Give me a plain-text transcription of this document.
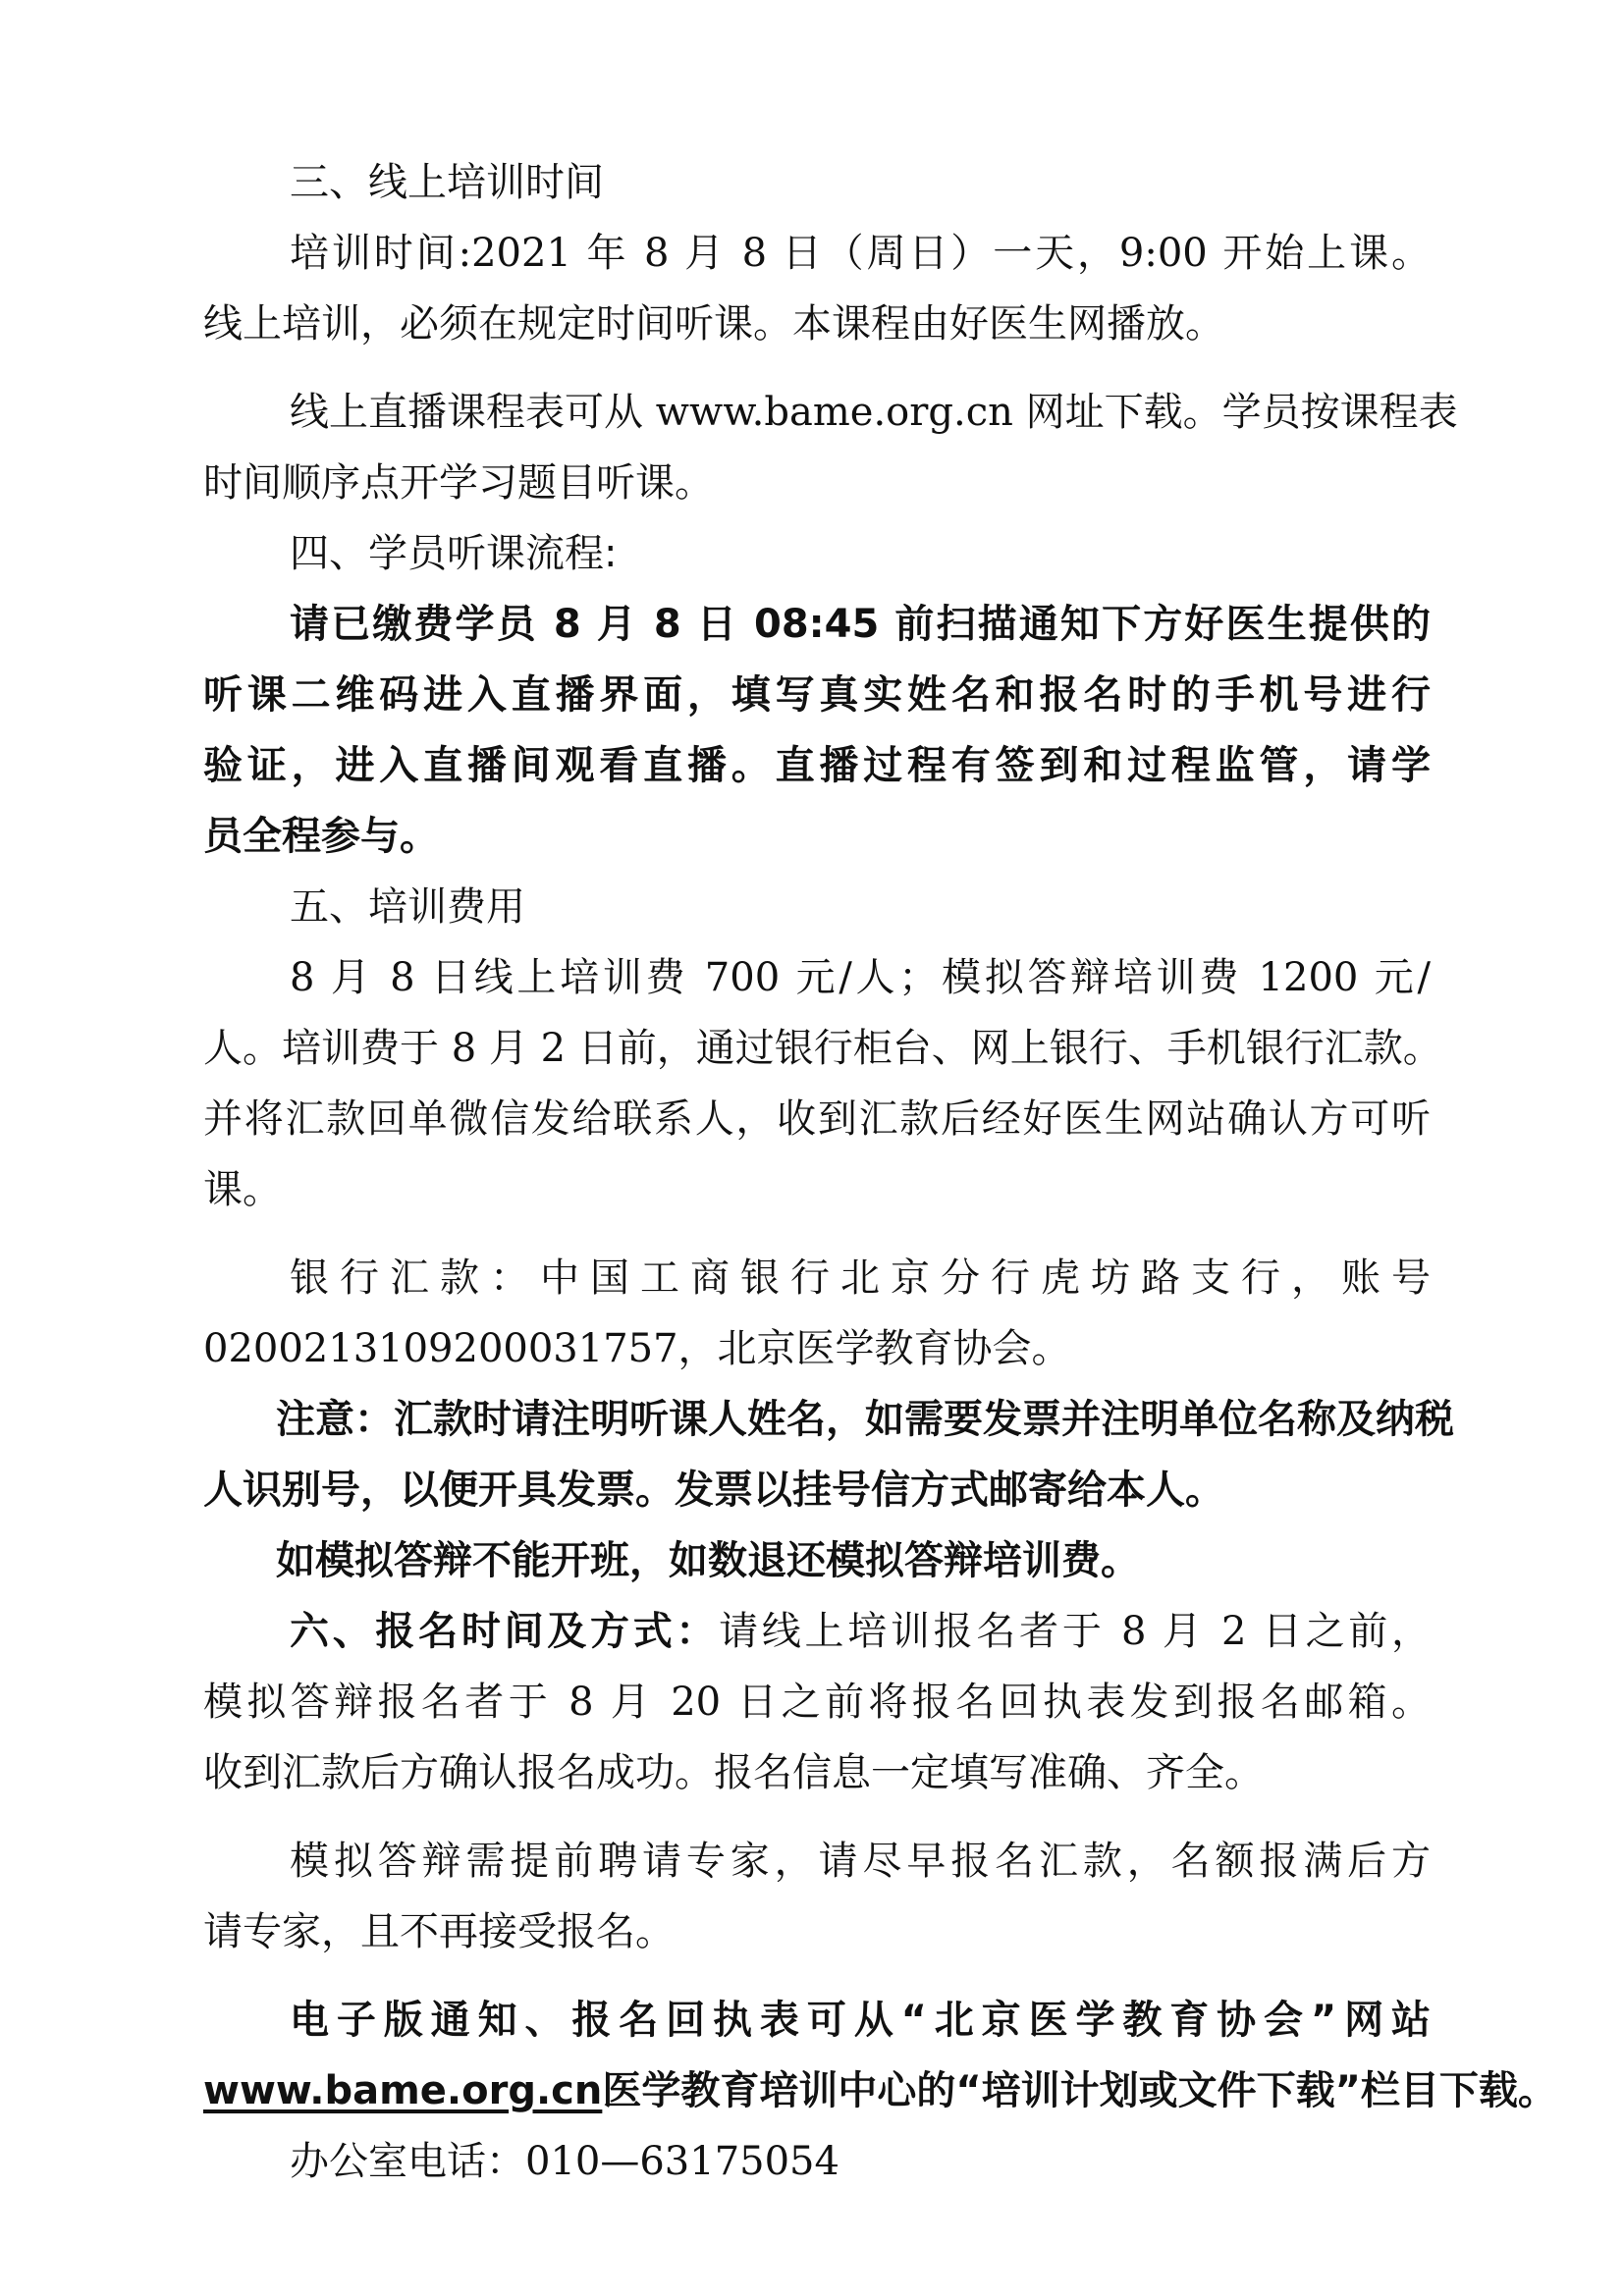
三、线上培训时间
培训时间:2021 年 8 月 8 日（周日）一天，9:00 开始上课。
线上培训，必须在规定时间听课。本课程由好医生网播放。
线上直播课程表可从 www.bame.org.cn 网址下载。学员按课程表
时间顺序点开学习题目听课。
四、学员听课流程:
请已缴费学员 8 月 8 日 08:45 前扫描通知下方好医生提供的
听课二维码进入直播界面，填写真实姓名和报名时的手机号进行
验证，进入直播间观看直播。直播过程有签到和过程监管，请学
员全程参与。
五、培训费用
8 月 8 日线上培训费 700 元/人；模拟答辩培训费 1200 元/
人。培训费于 8 月 2 日前，通过银行柜台、网上银行、手机银行汇款。
并将汇款回单微信发给联系人，收到汇款后经好医生网站确认方可听
课。
银行汇款：中国工商银行北京分行虎坊路支行，账号
0200213109200031757，北京医学教育协会。
注意：汇款时请注明听课人姓名，如需要发票并注明单位名称及纳税
人识别号，以便开具发票。发票以挂号信方式邮寄给本人。
如模拟答辩不能开班，如数退还模拟答辩培训费。
六、报名时间及方式：请线上培训报名者于 8 月 2 日之前，
模拟答辩报名者于 8 月 20 日之前将报名回执表发到报名邮箱。
收到汇款后方确认报名成功。报名信息一定填写准确、齐全。
模拟答辩需提前聘请专家，请尽早报名汇款，名额报满后方
请专家，且不再接受报名。
电子版通知、报名回执表可从“北京医学教育协会”网站
www.bame.org.cn医学教育培训中心的“培训计划或文件下载”栏目下载。
办公室电话：010—63175054
